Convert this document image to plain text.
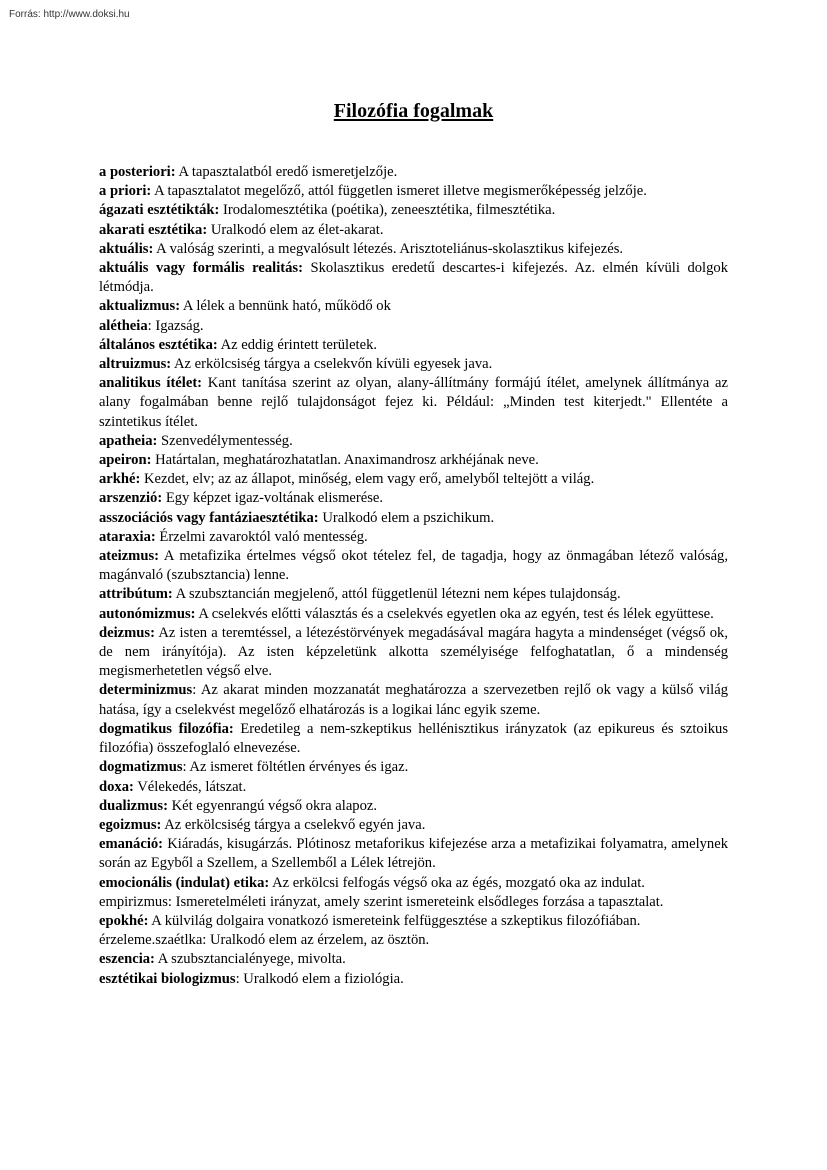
Forrás: http://www.doksi.hu
Filozófia fogalmak

a posteriori: A tapasztalatból eredő ismeretjelzője.

a priori: A tapasztalatot megelőző, attól független ismeret illetve megismerőképesség jelzője.

ágazati esztétikták: Irodalomesztétika (poétika), zeneesztétika, filmesztétika.

akarati esztétika: Uralkodó elem az élet-akarat.

aktuális: A valóság szerinti, a megvalósult létezés. Arisztoteliánus-skolasztikus kifejezés.

aktuális vagy formális realitás: Skolasztikus eredetű descartes-i kifejezés. Az. elmén kívüli dolgok létmódja.

aktualizmus: A lélek a bennünk ható, működő ok

alétheia: Igazság.

általános esztétika: Az eddig érintett területek.

altruizmus: Az erkölcsiség tárgya a cselekvőn kívüli egyesek java.

analitikus ítélet: Kant tanítása szerint az olyan, alany-állítmány formájú ítélet, amelynek állítmánya az alany fogalmában benne rejlő tulajdonságot fejez ki. Például: „Minden test kiterjedt." Ellentéte a szintetikus ítélet.

apatheia: Szenvedélymentesség.

apeiron: Határtalan, meghatározhatatlan. Anaximandrosz arkhéjának neve.

arkhé: Kezdet, elv; az az állapot, minőség, elem vagy erő, amelyből teltejött a világ.

arszenzió: Egy képzet igaz-voltának elismerése.

asszociációs vagy fantáziaesztétika: Uralkodó elem a pszichikum.

ataraxia: Érzelmi zavaroktól való mentesség.

ateizmus: A metafizika értelmes végső okot tételez fel, de tagadja, hogy az önmagában létező valóság, magánvaló (szubsztancia) lenne.

attribútum: A szubsztancián megjelenő, attól függetlenül létezni nem képes tulajdonság.

autonómizmus: A cselekvés előtti választás és a cselekvés egyetlen oka az egyén, test és lélek együttese.

deizmus: Az isten a teremtéssel, a létezéstörvények megadásával magára hagyta a mindenséget (végső ok, de nem irányítója). Az isten képzeletünk alkotta személyisége felfoghatatlan, ő a mindenség megismerhetetlen végső elve.

determinizmus: Az akarat minden mozzanatát meghatározza a szervezetben rejlő ok vagy a külső világ hatása, így a cselekvést megelőző elhatározás is a logikai lánc egyik szeme.

dogmatikus filozófia: Eredetileg a nem-szkeptikus hellénisztikus irányzatok (az epikureus és sztoikus filozófia) összefoglaló elnevezése.

dogmatizmus: Az ismeret föltétlen érvényes és igaz.

doxa: Vélekedés, látszat.

dualizmus: Két egyenrangú végső okra alapoz.

egoizmus: Az erkölcsiség tárgya a cselekvő egyén java.

emanáció: Kiáradás, kisugárzás. Plótinosz metaforikus kifejezése arza a metafizikai folyamatra, amelynek során az Egyből a Szellem, a Szellemből a Lélek létrejön.

emocionális (indulat) etika: Az erkölcsi felfogás végső oka az égés, mozgató oka az indulat.

empirizmus: Ismeretelméleti irányzat, amely szerint ismereteink elsődleges forzása a tapasztalat.

epokhé: A külvilág dolgaira vonatkozó ismereteink felfüggesztése a szkeptikus filozófiában.

érzeleme.szaétlka: Uralkodó elem az érzelem, az ösztön.

eszencia: A szubsztancialényege, mivolta.

esztétikai biologizmus: Uralkodó elem a fiziológia.
